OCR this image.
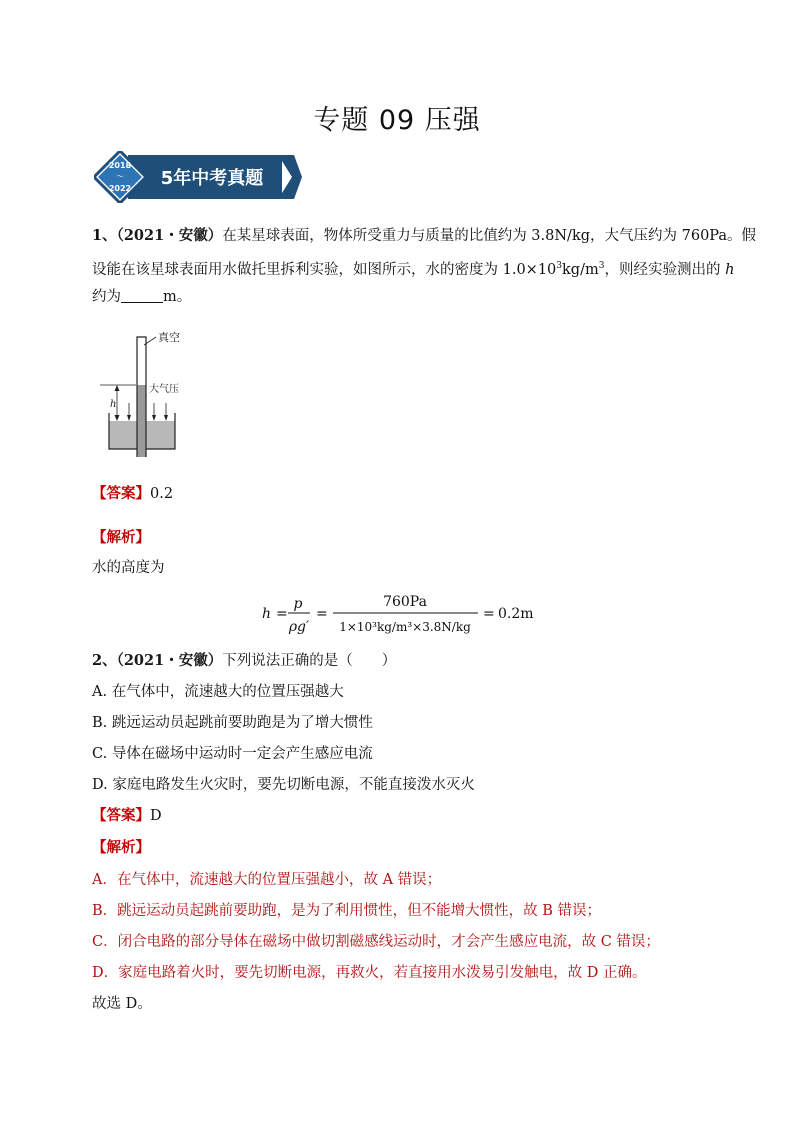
专题 09 压强
2018
～
2022 5年中考真题
1、（2021・安徽）在某星球表面，物体所受重力与质量的比值约为 3.8N/kg，大气压约为 760Pa。假
设能在该星球表面用水做托里拆利实验，如图所示，水的密度为 $1.0\times 10^3kg/m^3$，则经实验测出的 h
约为	m。
真空
h
大气压
【答案】0.2
【解析】
水的高度为
h =
p
ρg′
=
760Pa
1×10³kg/m³×3.8N/kg
= 0.2m
2、（2021・安徽）下列说法正确的是（　　）
A. 在气体中，流速越大的位置压强越大
B. 跳远运动员起跳前要助跑是为了增大惯性
C. 导体在磁场中运动时一定会产生感应电流
D. 家庭电路发生火灾时，要先切断电源，不能直接泼水灭火
【答案】D
【解析】
A．在气体中，流速越大的位置压强越小，故 A 错误；
B．跳远运动员起跳前要助跑，是为了利用惯性，但不能增大惯性，故 B 错误；
C．闭合电路的部分导体在磁场中做切割磁感线运动时，才会产生感应电流，故 C 错误；
D．家庭电路着火时，要先切断电源，再救火，若直接用水泼易引发触电，故 D 正确。
故选 D。
